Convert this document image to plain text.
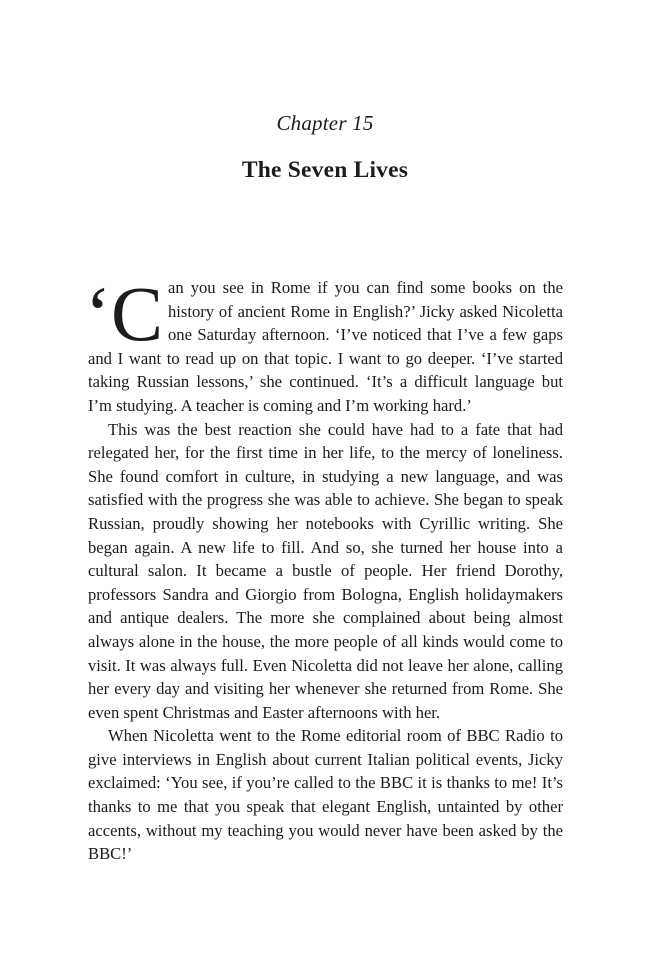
Chapter 15
The Seven Lives

‘Can you see in Rome if you can find some books on the history of ancient Rome in English?’ Jicky asked Nicoletta one Saturday afternoon. ‘I’ve noticed that I’ve a few gaps and I want to read up on that topic. I want to go deeper. ‘I’ve started taking Russian lessons,’ she continued. ‘It’s a difficult language but I’m studying. A teacher is coming and I’m working hard.’

This was the best reaction she could have had to a fate that had relegated her, for the first time in her life, to the mercy of loneliness. She found comfort in culture, in studying a new language, and was satisfied with the progress she was able to achieve. She began to speak Russian, proudly showing her notebooks with Cyrillic writing. She began again. A new life to fill. And so, she turned her house into a cultural salon. It became a bustle of people. Her friend Dorothy, professors Sandra and Giorgio from Bologna, English holidaymakers and antique dealers. The more she complained about being almost always alone in the house, the more people of all kinds would come to visit. It was always full. Even Nicoletta did not leave her alone, calling her every day and visiting her whenever she returned from Rome. She even spent Christmas and Easter afternoons with her.

When Nicoletta went to the Rome editorial room of BBC Radio to give interviews in English about current Italian political events, Jicky exclaimed: ‘You see, if you’re called to the BBC it is thanks to me! It’s thanks to me that you speak that elegant English, untainted by other accents, without my teaching you would never have been asked by the BBC!’
